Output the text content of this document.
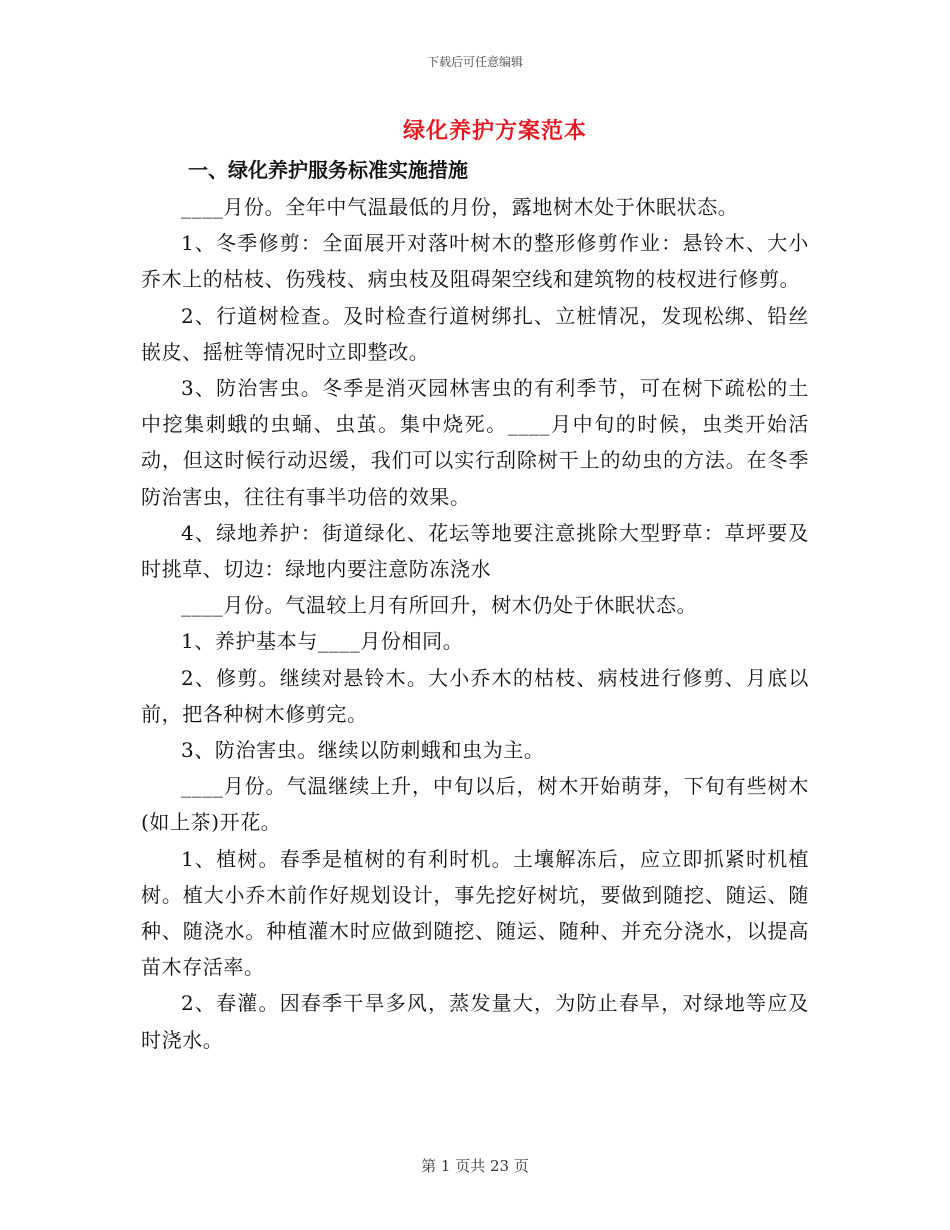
下载后可任意编辑
绿化养护方案范本
一、绿化养护服务标准实施措施

____月份。全年中气温最低的月份，露地树木处于休眠状态。

1、冬季修剪：全面展开对落叶树木的整形修剪作业：悬铃木、大小乔木上的枯枝、伤残枝、病虫枝及阻碍架空线和建筑物的枝杈进行修剪。

2、行道树检查。及时检查行道树绑扎、立桩情况，发现松绑、铅丝嵌皮、摇桩等情况时立即整改。

3、防治害虫。冬季是消灭园林害虫的有利季节，可在树下疏松的土中挖集刺蛾的虫蛹、虫茧。集中烧死。____月中旬的时候，虫类开始活动，但这时候行动迟缓，我们可以实行刮除树干上的幼虫的方法。在冬季防治害虫，往往有事半功倍的效果。

4、绿地养护：街道绿化、花坛等地要注意挑除大型野草：草坪要及时挑草、切边：绿地内要注意防冻浇水

____月份。气温较上月有所回升，树木仍处于休眠状态。

1、养护基本与____月份相同。

2、修剪。继续对悬铃木。大小乔木的枯枝、病枝进行修剪、月底以前，把各种树木修剪完。

3、防治害虫。继续以防刺蛾和虫为主。

____月份。气温继续上升，中旬以后，树木开始萌芽，下旬有些树木(如上茶)开花。

1、植树。春季是植树的有利时机。土壤解冻后，应立即抓紧时机植树。植大小乔木前作好规划设计，事先挖好树坑，要做到随挖、随运、随种、随浇水。种植灌木时应做到随挖、随运、随种、并充分浇水，以提高苗木存活率。

2、春灌。因春季干旱多风，蒸发量大，为防止春旱，对绿地等应及时浇水。

第 1 页共 23 页
